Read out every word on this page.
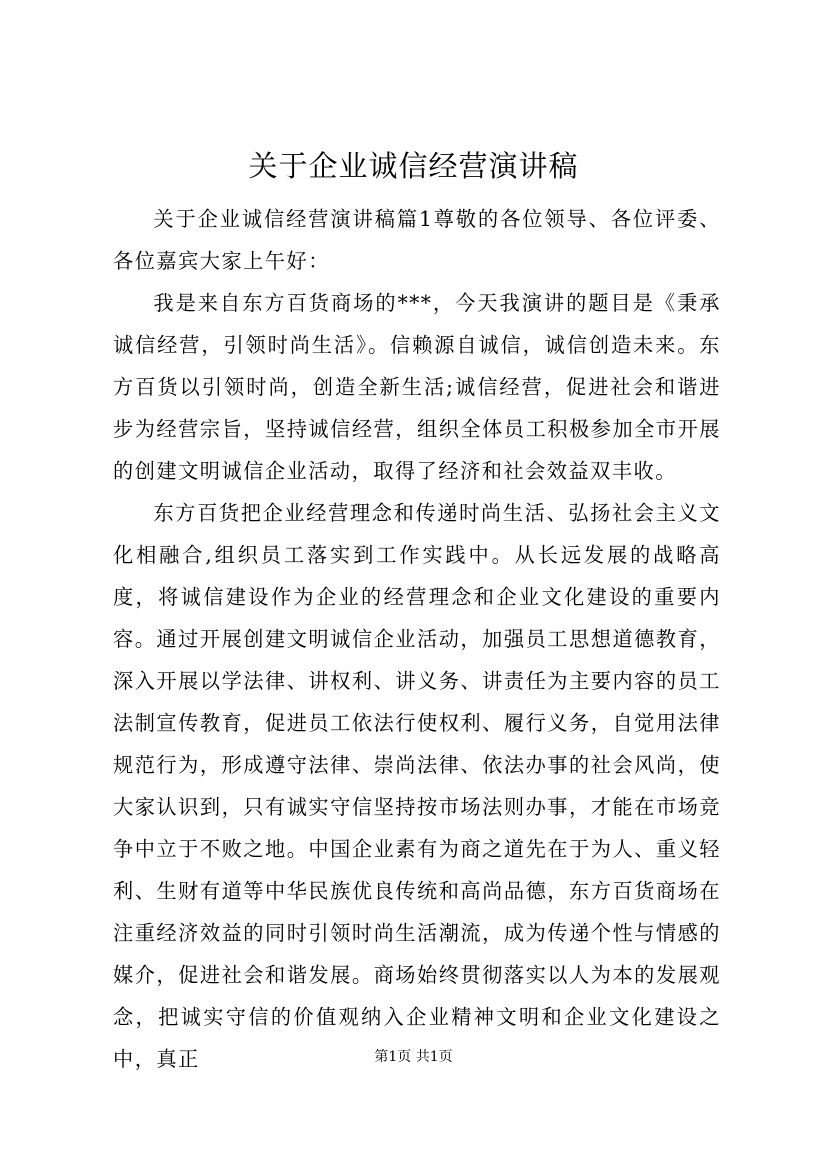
关于企业诚信经营演讲稿

关于企业诚信经营演讲稿篇1尊敬的各位领导、各位评委、各位嘉宾大家上午好：

我是来自东方百货商场的***，今天我演讲的题目是《秉承诚信经营，引领时尚生活》。信赖源自诚信，诚信创造未来。东方百货以引领时尚，创造全新生活;诚信经营，促进社会和谐进步为经营宗旨，坚持诚信经营，组织全体员工积极参加全市开展的创建文明诚信企业活动，取得了经济和社会效益双丰收。

东方百货把企业经营理念和传递时尚生活、弘扬社会主义文化相融合,组织员工落实到工作实践中。从长远发展的战略高度，将诚信建设作为企业的经营理念和企业文化建设的重要内容。通过开展创建文明诚信企业活动，加强员工思想道德教育，深入开展以学法律、讲权利、讲义务、讲责任为主要内容的员工法制宣传教育，促进员工依法行使权利、履行义务，自觉用法律规范行为，形成遵守法律、崇尚法律、依法办事的社会风尚，使大家认识到，只有诚实守信坚持按市场法则办事，才能在市场竞争中立于不败之地。中国企业素有为商之道先在于为人、重义轻利、生财有道等中华民族优良传统和高尚品德，东方百货商场在注重经济效益的同时引领时尚生活潮流，成为传递个性与情感的媒介，促进社会和谐发展。商场始终贯彻落实以人为本的发展观念，把诚实守信的价值观纳入企业精神文明和企业文化建设之中，真正	第1页 共1页
